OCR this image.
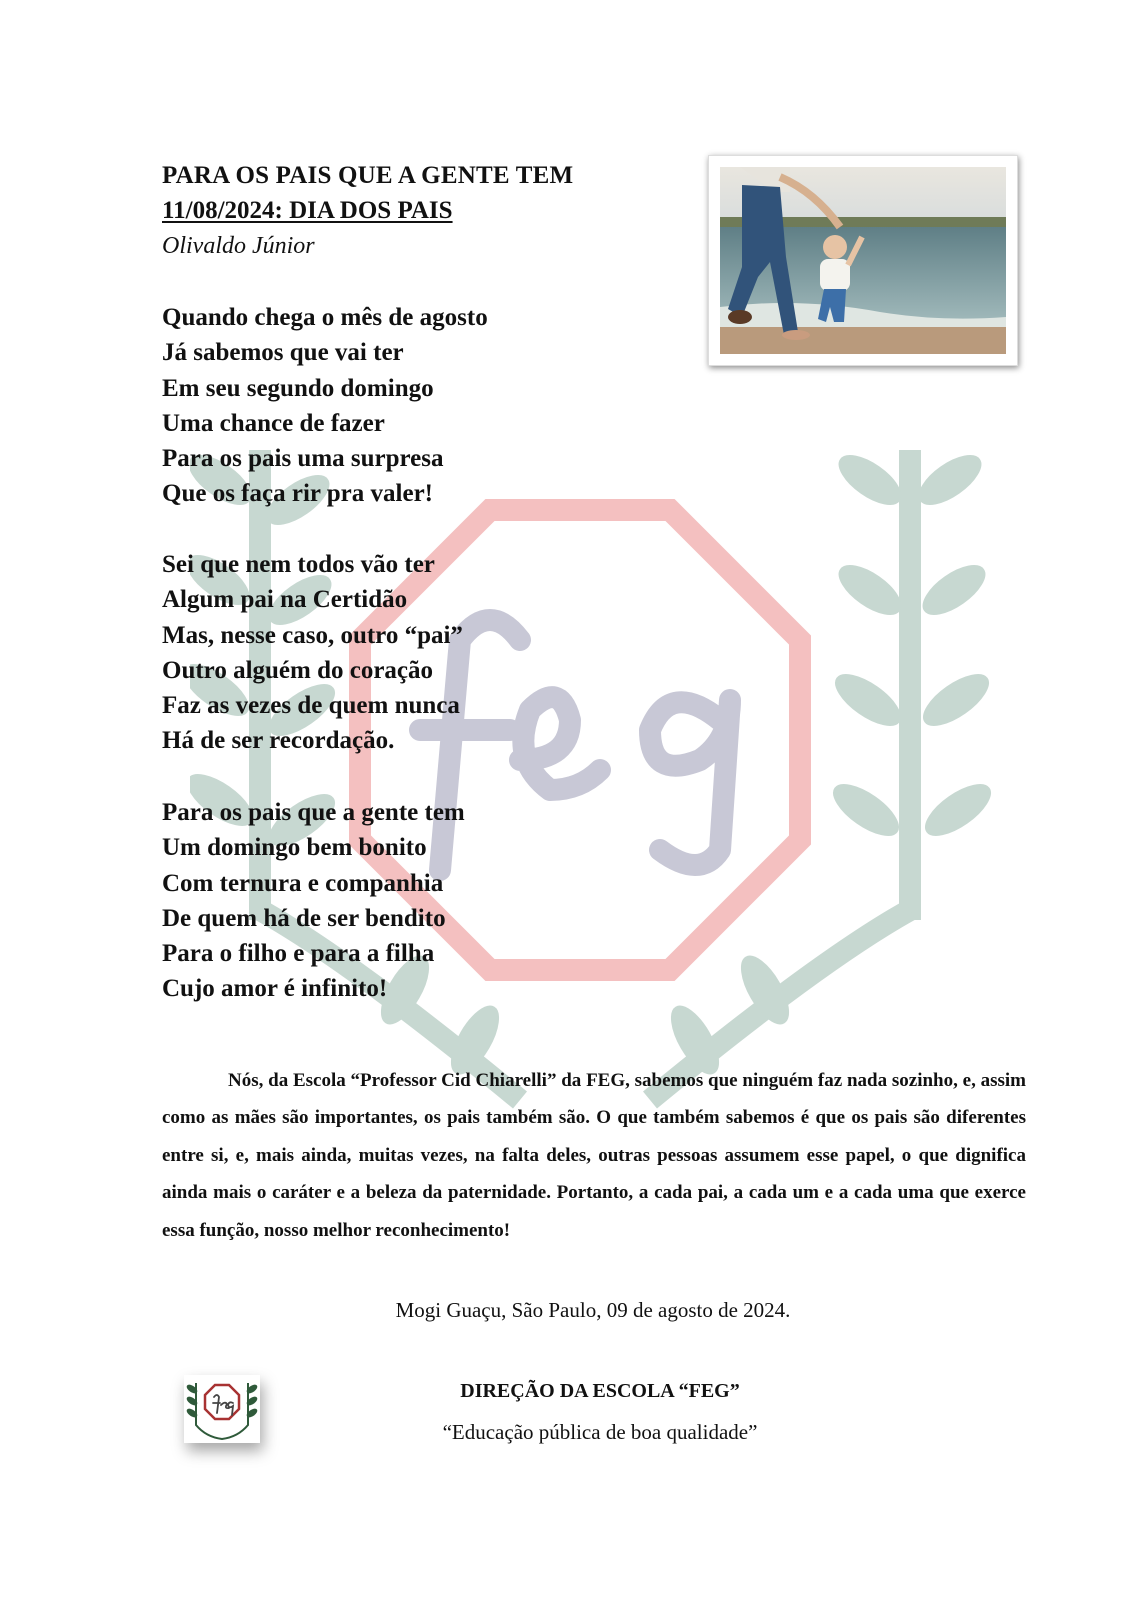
PARA OS PAIS QUE A GENTE TEM
11/08/2024: DIA DOS PAIS
Olivaldo Júnior
Quando chega o mês de agosto
Já sabemos que vai ter
Em seu segundo domingo
Uma chance de fazer
Para os pais uma surpresa
Que os faça rir pra valer!
Sei que nem todos vão ter
Algum pai na Certidão
Mas, nesse caso, outro “pai”
Outro alguém do coração
Faz as vezes de quem nunca
Há de ser recordação.
Para os pais que a gente tem
Um domingo bem bonito
Com ternura e companhia
De quem há de ser bendito
Para o filho e para a filha
Cujo amor é infinito!
Nós, da Escola “Professor Cid Chiarelli” da FEG, sabemos que ninguém faz nada sozinho, e, assim como as mães são importantes, os pais também são. O que também sabemos é que os pais são diferentes entre si, e, mais ainda, muitas vezes, na falta deles, outras pessoas assumem esse papel, o que dignifica ainda mais o caráter e a beleza da paternidade. Portanto, a cada pai, a cada um e a cada uma que exerce essa função, nosso melhor reconhecimento!
Mogi Guaçu, São Paulo, 09 de agosto de 2024.
DIREÇÃO DA ESCOLA “FEG”
“Educação pública de boa qualidade”
